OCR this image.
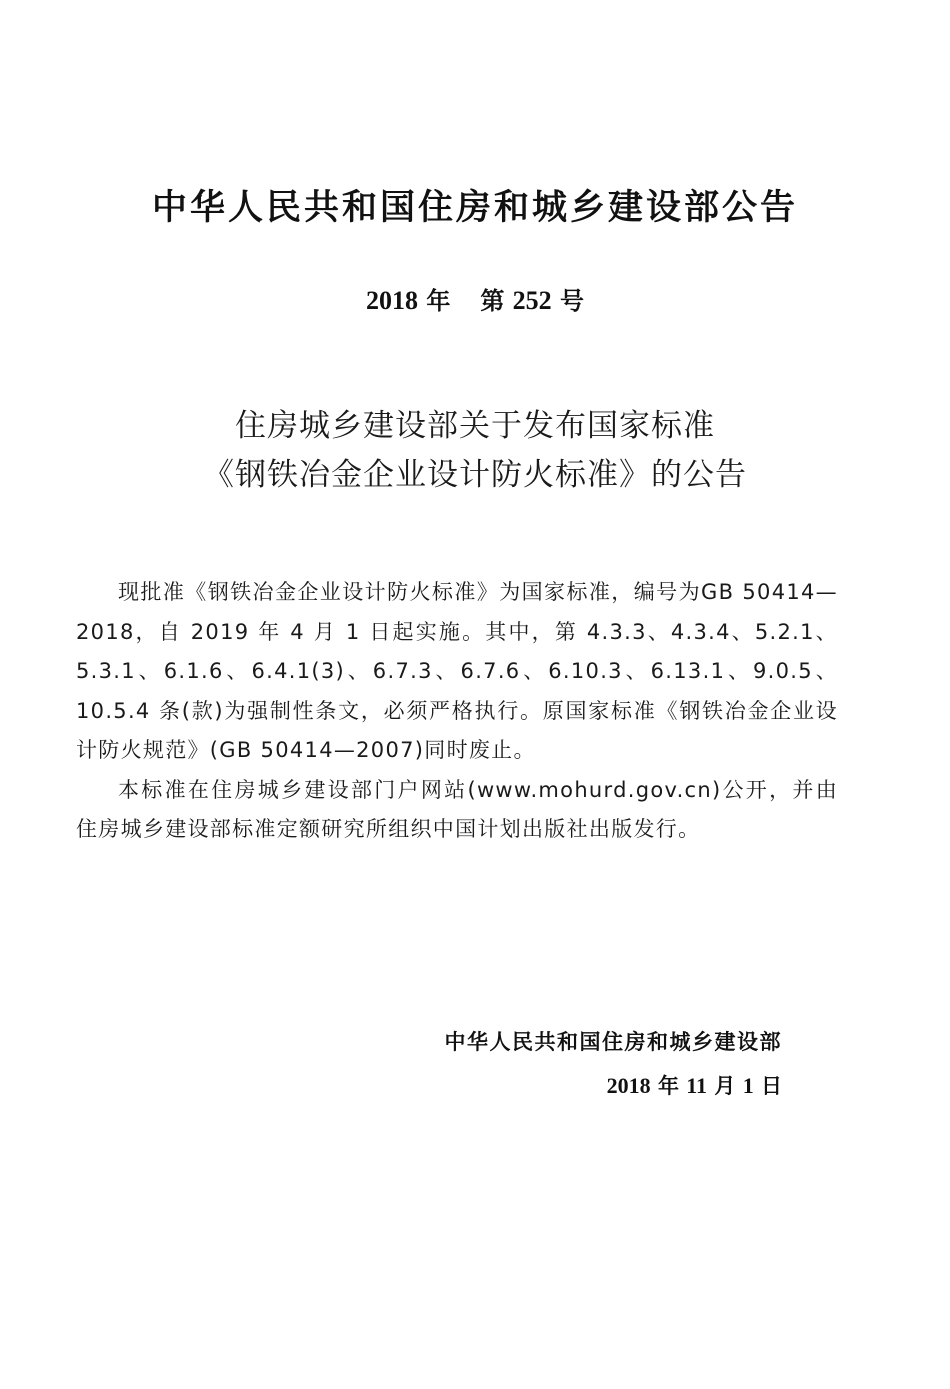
中华人民共和国住房和城乡建设部公告
2018 年 第 252 号
住房城乡建设部关于发布国家标准
《钢铁冶金企业设计防火标准》的公告

现批准《钢铁冶金企业设计防火标准》为国家标准，编号为GB 50414—2018，自 2019 年 4 月 1 日起实施。其中，第 4.3.3、4.3.4、5.2.1、5.3.1、6.1.6、6.4.1(3)、6.7.3、6.7.6、6.10.3、6.13.1、9.0.5、10.5.4 条(款)为强制性条文，必须严格执行。原国家标准《钢铁冶金企业设计防火规范》(GB 50414—2007)同时废止。

本标准在住房城乡建设部门户网站(www.mohurd.gov.cn)公开，并由住房城乡建设部标准定额研究所组织中国计划出版社出版发行。

中华人民共和国住房和城乡建设部
2018 年 11 月 1 日
